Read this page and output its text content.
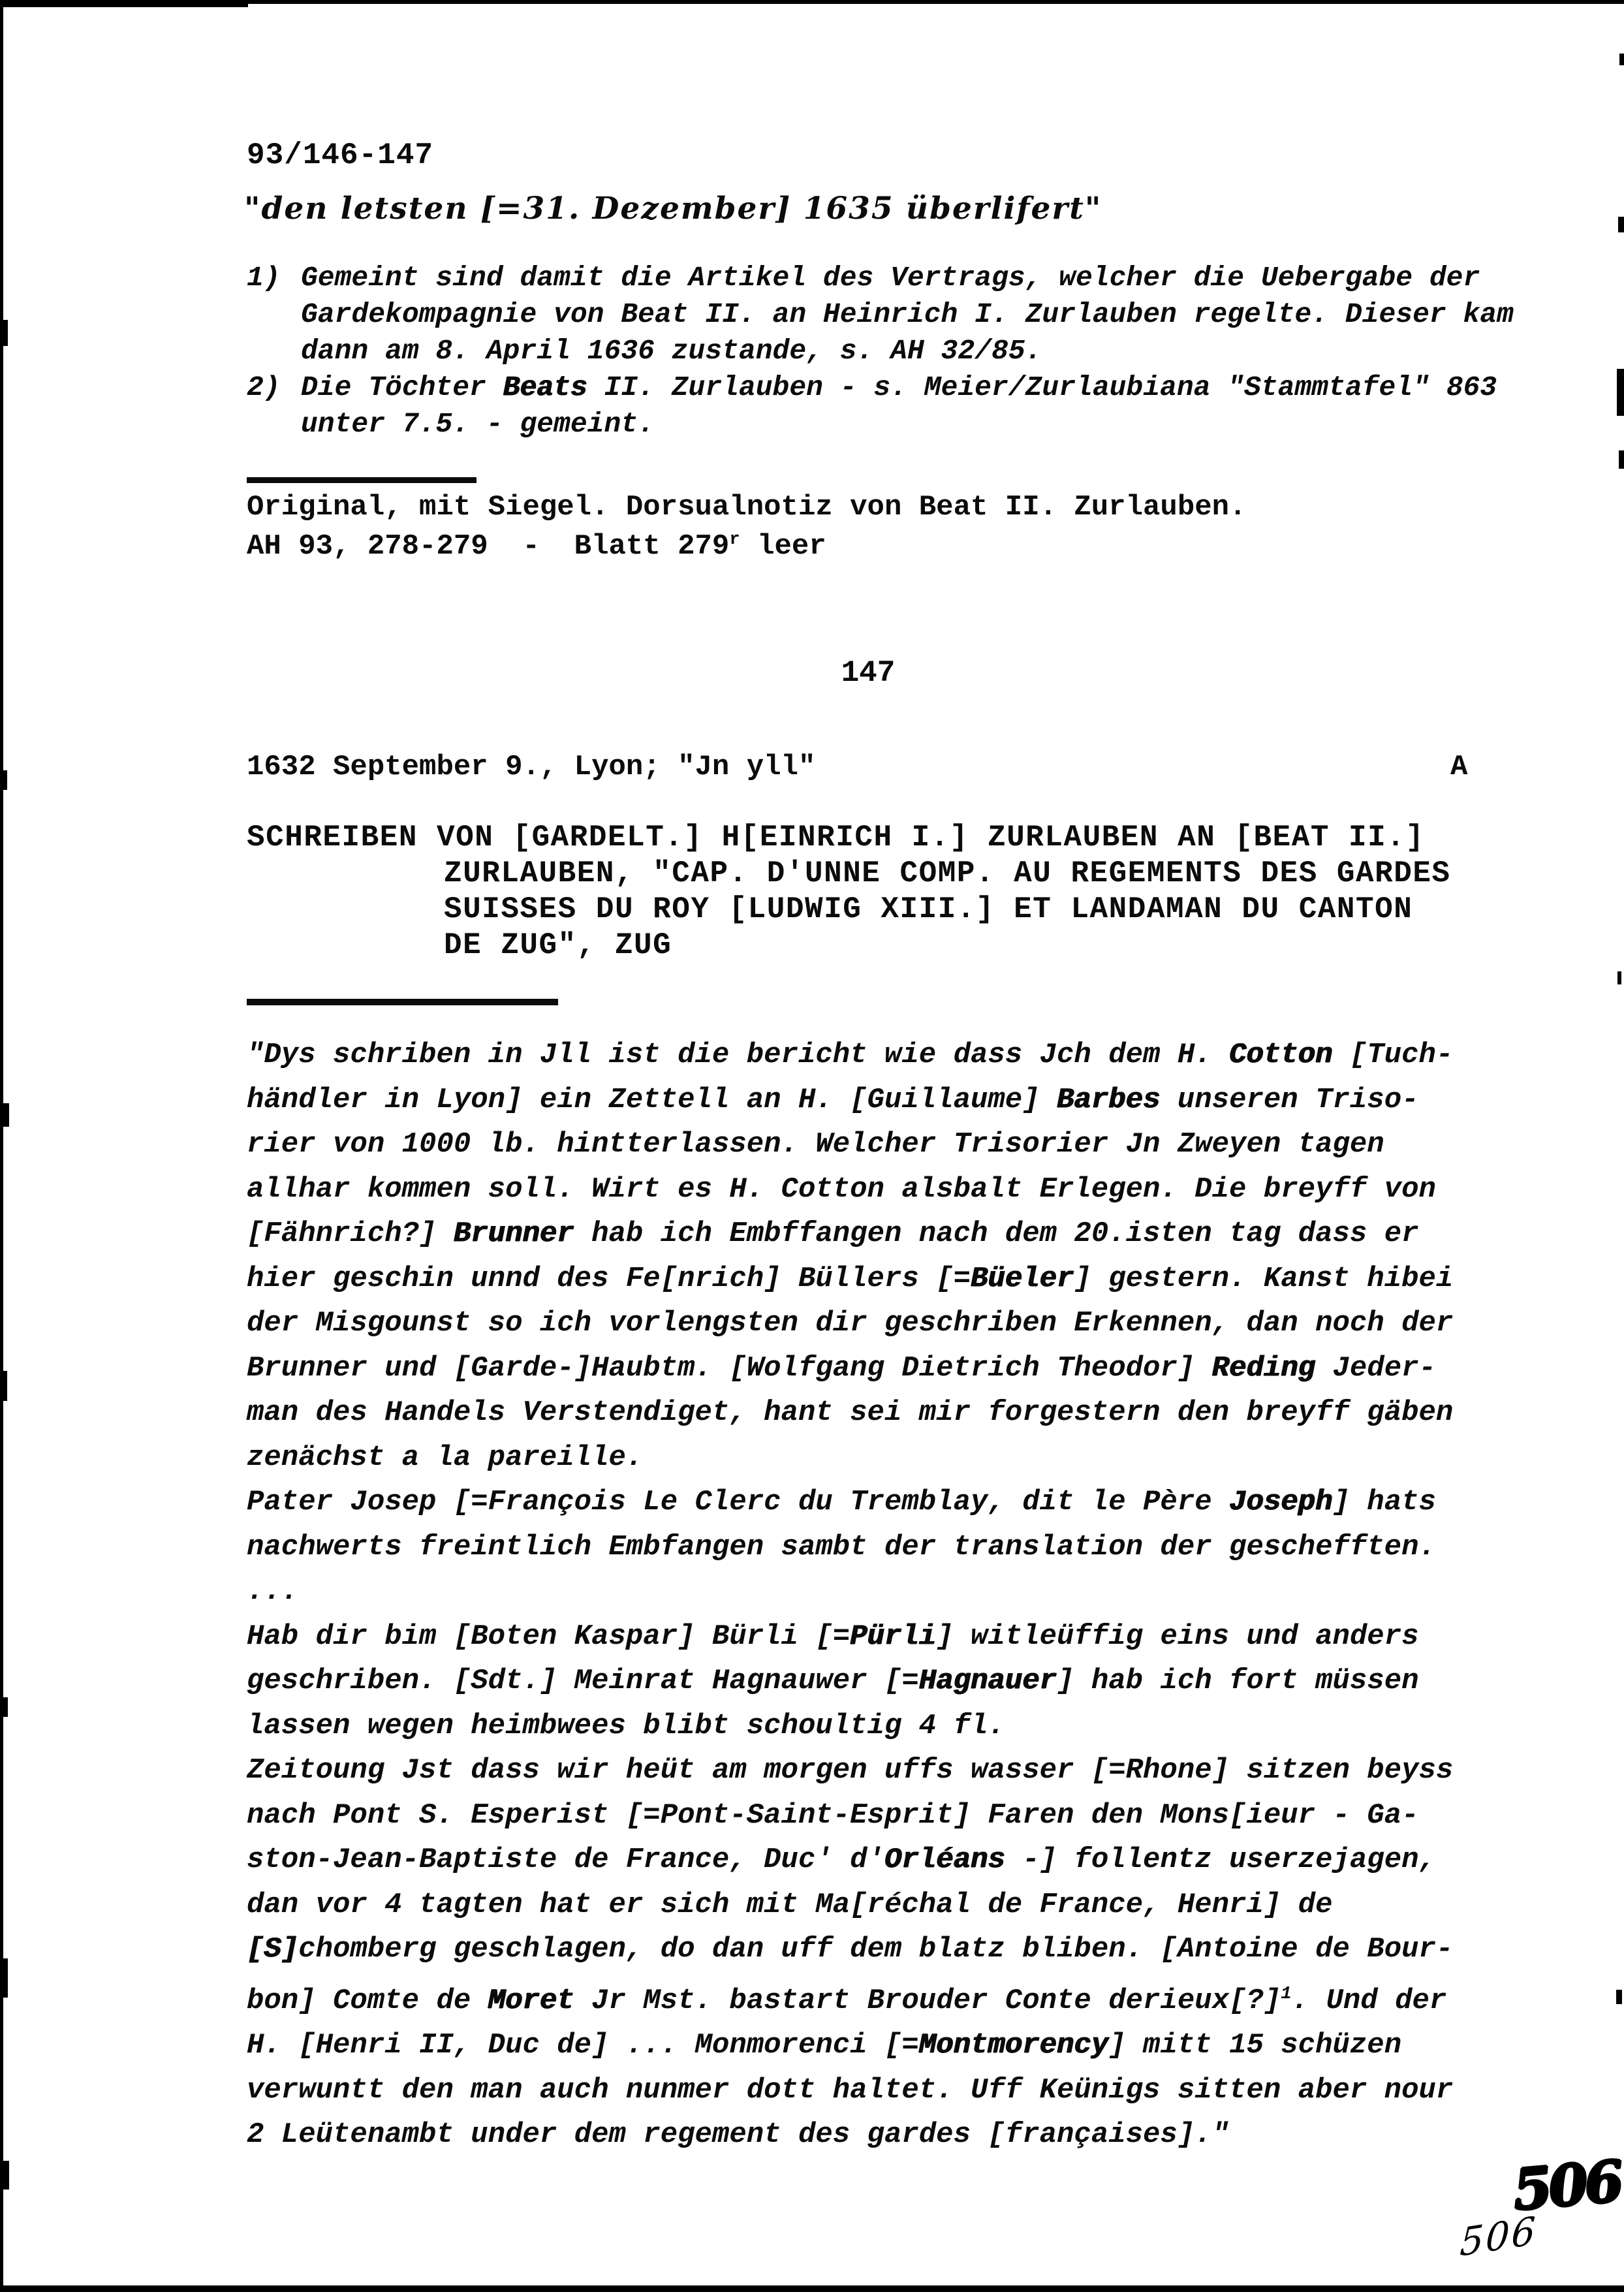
93/146-147
"den letsten [=31. Dezember] 1635 überlifert"
1) Gemeint sind damit die Artikel des Vertrags, welcher die Uebergabe der
Gardekompagnie von Beat II. an Heinrich I. Zurlauben regelte. Dieser kam
dann am 8. April 1636 zustande, s. AH 32/85.
2) Die Töchter Beats II. Zurlauben - s. Meier/Zurlaubiana "Stammtafel" 863
unter 7.5. - gemeint.
Original, mit Siegel. Dorsualnotiz von Beat II. Zurlauben.
AH 93, 278-279  -  Blatt 279$^r$ leer
147
1632 September 9., Lyon; "Jn yll"	A
SCHREIBEN VON [GARDELT.] H[EINRICH I.] ZURLAUBEN AN [BEAT II.]
ZURLAUBEN, "CAP. D'UNNE COMP. AU REGEMENTS DES GARDES
SUISSES DU ROY [LUDWIG XIII.] ET LANDAMAN DU CANTON
DE ZUG", ZUG
"Dys schriben in Jll ist die bericht wie dass Jch dem H. Cotton [Tuch-
händler in Lyon] ein Zettell an H. [Guillaume] Barbes unseren Triso-
rier von 1000 lb. hintterlassen. Welcher Trisorier Jn Zweyen tagen
allhar kommen soll. Wirt es H. Cotton alsbalt Erlegen. Die breyff von
[Fähnrich?] Brunner hab ich Embffangen nach dem 20.isten tag dass er
hier geschin unnd des Fe[nrich] Büllers [=Büeler] gestern. Kanst hibei
der Misgounst so ich vorlengsten dir geschriben Erkennen, dan noch der
Brunner und [Garde-]Haubtm. [Wolfgang Dietrich Theodor] Reding Jeder-
man des Handels Verstendiget, hant sei mir forgestern den breyff gäben
zenächst a la pareille.
Pater Josep [=François Le Clerc du Tremblay, dit le Père Joseph] hats
nachwerts freintlich Embfangen sambt der translation der geschefften.
...
Hab dir bim [Boten Kaspar] Bürli [=Pürli] witleüffig eins und anders
geschriben. [Sdt.] Meinrat Hagnauwer [=Hagnauer] hab ich fort müssen
lassen wegen heimbwees blibt schoultig 4 fl.
Zeitoung Jst dass wir heüt am morgen uffs wasser [=Rhone] sitzen beyss
nach Pont S. Esperist [=Pont-Saint-Esprit] Faren den Mons[ieur - Ga-
ston-Jean-Baptiste de France, Duc' d'Orléans -] follentz userzejagen,
dan vor 4 tagten hat er sich mit Ma[réchal de France, Henri] de
[S]chomberg geschlagen, do dan uff dem blatz bliben. [Antoine de Bour-
bon] Comte de Moret Jr Mst. bastart Brouder Conte derieux[?]$^1$. Und der
H. [Henri II, Duc de] ... Monmorenci [=Montmorency] mitt 15 schüzen
verwuntt den man auch nunmer dott haltet. Uff Keünigs sitten aber nour
2 Leütenambt under dem regement des gardes [françaises]."
506
506
